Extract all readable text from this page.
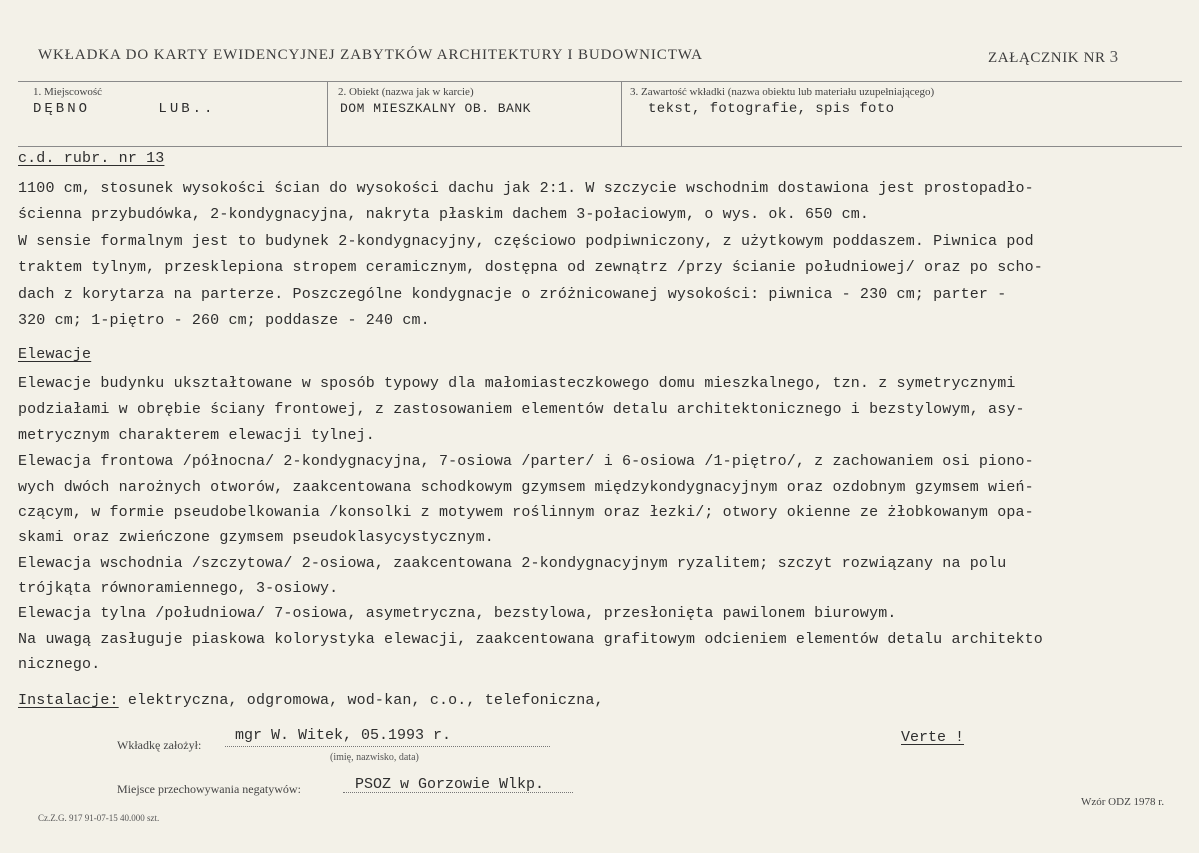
WKŁADKA DO KARTY EWIDENCYJNEJ ZABYTKÓW ARCHITEKTURY I BUDOWNICTWA	ZAŁĄCZNIK NR 3
1. Miejscowość
DĘBNO      LUB..
2. Obiekt (nazwa jak w karcie)
DOM MIESZKALNY OB. BANK
3. Zawartość wkładki (nazwa obiektu lub materiału uzupełniającego)
tekst, fotografie, spis foto
c.d. rubr. nr 13
1100 cm, stosunek wysokości ścian do wysokości dachu jak 2:1. W szczycie wschodnim dostawiona jest prostopadło-
ścienna przybudówka, 2-kondygnacyjna, nakryta płaskim dachem 3-połaciowym, o wys. ok. 650 cm.
W sensie formalnym jest to budynek 2-kondygnacyjny, częściowo podpiwniczony, z użytkowym poddaszem. Piwnica pod
traktem tylnym, przesklepiona stropem ceramicznym, dostępna od zewnątrz /przy ścianie południowej/ oraz po scho-
dach z korytarza na parterze. Poszczególne kondygnacje o zróżnicowanej wysokości: piwnica - 230 cm; parter -
320 cm; 1-piętro - 260 cm; poddasze - 240 cm.
Elewacje
Elewacje budynku ukształtowane w sposób typowy dla małomiasteczkowego domu mieszkalnego, tzn. z symetrycznymi
podziałami w obrębie ściany frontowej, z zastosowaniem elementów detalu architektonicznego i bezstylowym, asy-
metrycznym charakterem elewacji tylnej.
Elewacja frontowa /północna/ 2-kondygnacyjna, 7-osiowa /parter/ i 6-osiowa /1-piętro/, z zachowaniem osi piono-
wych dwóch narożnych otworów, zaakcentowana schodkowym gzymsem międzykondygnacyjnym oraz ozdobnym gzymsem wień-
czącym, w formie pseudobelkowania /konsolki z motywem roślinnym oraz łezki/; otwory okienne ze żłobkowanym opa-
skami oraz zwieńczone gzymsem pseudoklasycystycznym.
Elewacja wschodnia /szczytowa/ 2-osiowa, zaakcentowana 2-kondygnacyjnym ryzalitem; szczyt rozwiązany na polu
trójkąta równoramiennego, 3-osiowy.
Elewacja tylna /południowa/ 7-osiowa, asymetryczna, bezstylowa, przesłonięta pawilonem biurowym.
Na uwagą zasługuje piaskowa kolorystyka elewacji, zaakcentowana grafitowym odcieniem elementów detalu architekto
nicznego.
Instalacje: elektryczna, odgromowa, wod-kan, c.o., telefoniczna,
Wkładkę założył:
mgr W. Witek, 05.1993 r.
(imię, nazwisko, data)
Verte !
Miejsce przechowywania negatywów:	PSOZ w Gorzowie Wlkp.
Wzór ODZ 1978 r.
Cz.Z.G. 917 91-07-15 40.000 szt.
